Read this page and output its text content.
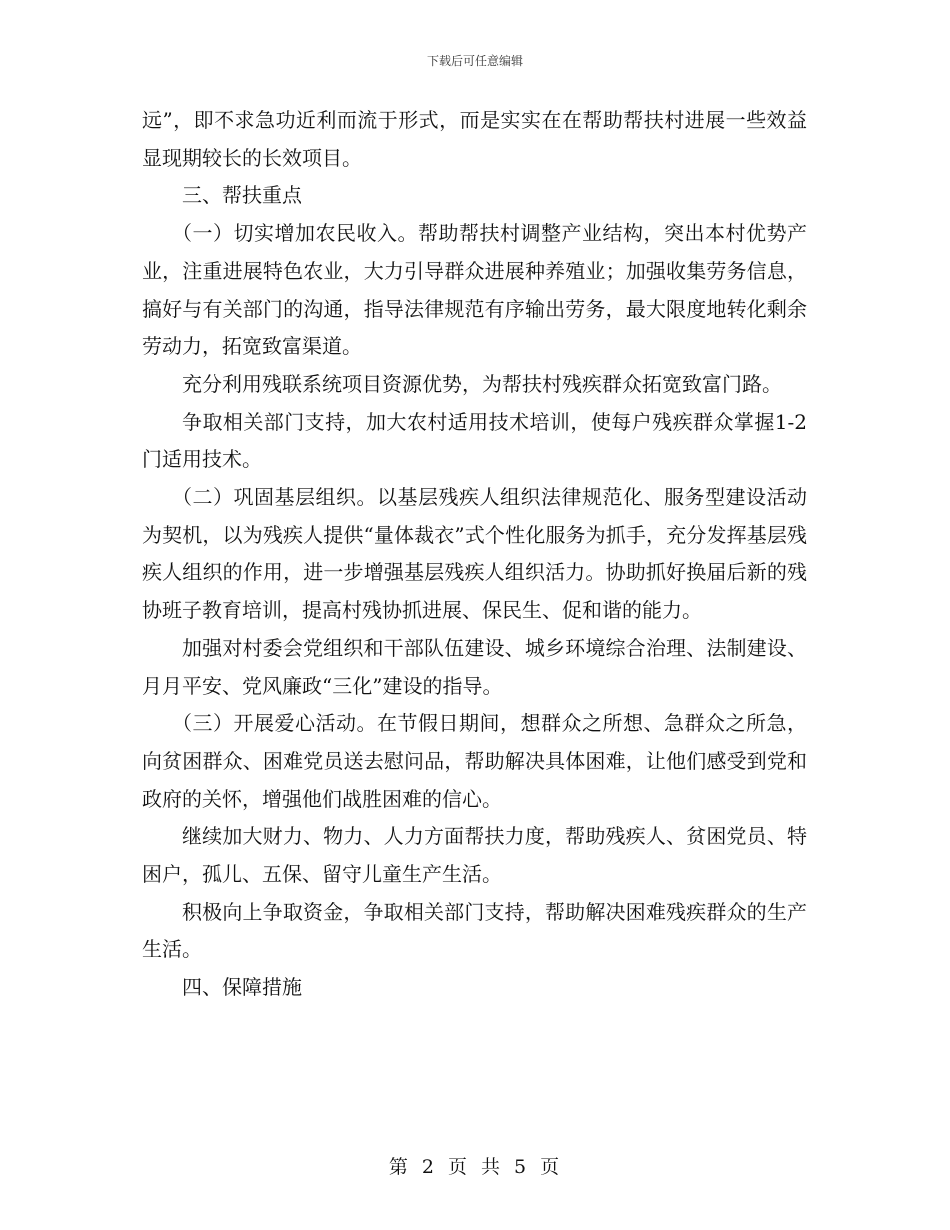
下载后可任意编辑

远”，即不求急功近利而流于形式，而是实实在在帮助帮扶村进展一些效益显现期较长的长效项目。

三、帮扶重点

（一）切实增加农民收入。帮助帮扶村调整产业结构，突出本村优势产业，注重进展特色农业，大力引导群众进展种养殖业；加强收集劳务信息，搞好与有关部门的沟通，指导法律规范有序输出劳务，最大限度地转化剩余劳动力，拓宽致富渠道。

充分利用残联系统项目资源优势，为帮扶村残疾群众拓宽致富门路。

争取相关部门支持，加大农村适用技术培训，使每户残疾群众掌握1-2门适用技术。

（二）巩固基层组织。以基层残疾人组织法律规范化、服务型建设活动为契机，以为残疾人提供“量体裁衣”式个性化服务为抓手，充分发挥基层残疾人组织的作用，进一步增强基层残疾人组织活力。协助抓好换届后新的残协班子教育培训，提高村残协抓进展、保民生、促和谐的能力。

加强对村委会党组织和干部队伍建设、城乡环境综合治理、法制建设、月月平安、党风廉政“三化”建设的指导。

（三）开展爱心活动。在节假日期间，想群众之所想、急群众之所急，向贫困群众、困难党员送去慰问品，帮助解决具体困难，让他们感受到党和政府的关怀，增强他们战胜困难的信心。

继续加大财力、物力、人力方面帮扶力度，帮助残疾人、贫困党员、特困户，孤儿、五保、留守儿童生产生活。

积极向上争取资金，争取相关部门支持，帮助解决困难残疾群众的生产生活。

四、保障措施

第 2 页 共 5 页
